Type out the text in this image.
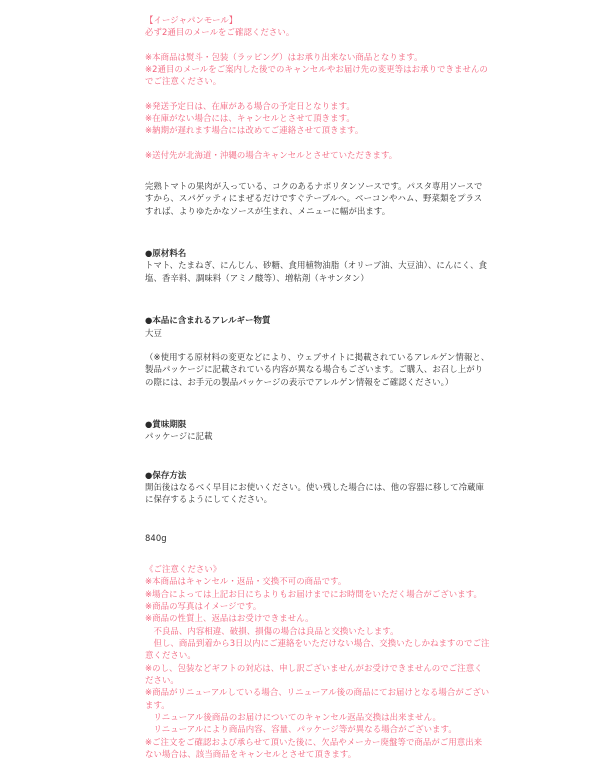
【イージャパンモール】

必ず2通目のメールをご確認ください。

※本商品は熨斗・包装（ラッピング）はお承り出来ない商品となります。

※2通目のメールをご案内した後でのキャンセルやお届け先の変更等はお承りできませんのでご注意ください。

※発送予定日は、在庫がある場合の予定日となります。

※在庫がない場合には、キャンセルとさせて頂きます。

※納期が遅れます場合には改めてご連絡させて頂きます。

※送付先が北海道・沖縄の場合キャンセルとさせていただきます。

完熟トマトの果肉が入っている、コクのあるナポリタンソースです。パスタ専用ソースですから、スパゲッティにまぜるだけですぐテーブルへ。ベーコンやハム、野菜類をプラスすれば、よりゆたかなソースが生まれ、メニューに幅が出ます。

●原材料名

トマト、たまねぎ、にんじん、砂糖、食用植物油脂（オリーブ油、大豆油）、にんにく、食塩、香辛料、調味料（アミノ酸等）、増粘剤（キサンタン）

●本品に含まれるアレルギー物質

大豆

（※使用する原材料の変更などにより、ウェブサイトに掲載されているアレルゲン情報と、製品パッケージに記載されている内容が異なる場合もございます。ご購入、お召し上がりの際には、お手元の製品パッケージの表示でアレルゲン情報をご確認ください。）

●賞味期限

パッケージに記載

●保存方法

開缶後はなるべく早目にお使いください。使い残した場合には、他の容器に移して冷蔵庫に保存するようにしてください。

840g

《ご注意ください》

※本商品はキャンセル・返品・交換不可の商品です。

※場合によっては上記お日にちよりもお届けまでにお時間をいただく場合がございます。

※商品の写真はイメージです。

※商品の性質上、返品はお受けできません。

　不良品、内容相違、破損、損傷の場合は良品と交換いたします。

　但し、商品到着から3日以内にご連絡をいただけない場合、交換いたしかねますのでご注意ください。

※のし、包装などギフトの対応は、申し訳ございませんがお受けできませんのでご注意ください。

※商品がリニューアルしている場合、リニューアル後の商品にてお届けとなる場合がございます。

　リニューアル後商品のお届けについてのキャンセル返品交換は出来ません。

　リニューアルにより商品内容、容量、パッケージ等が異なる場合がございます。

※ご注文をご確認および承らせて頂いた後に、欠品やメーカー廃盤等で商品がご用意出来ない場合は、該当商品をキャンセルとさせて頂きます。
